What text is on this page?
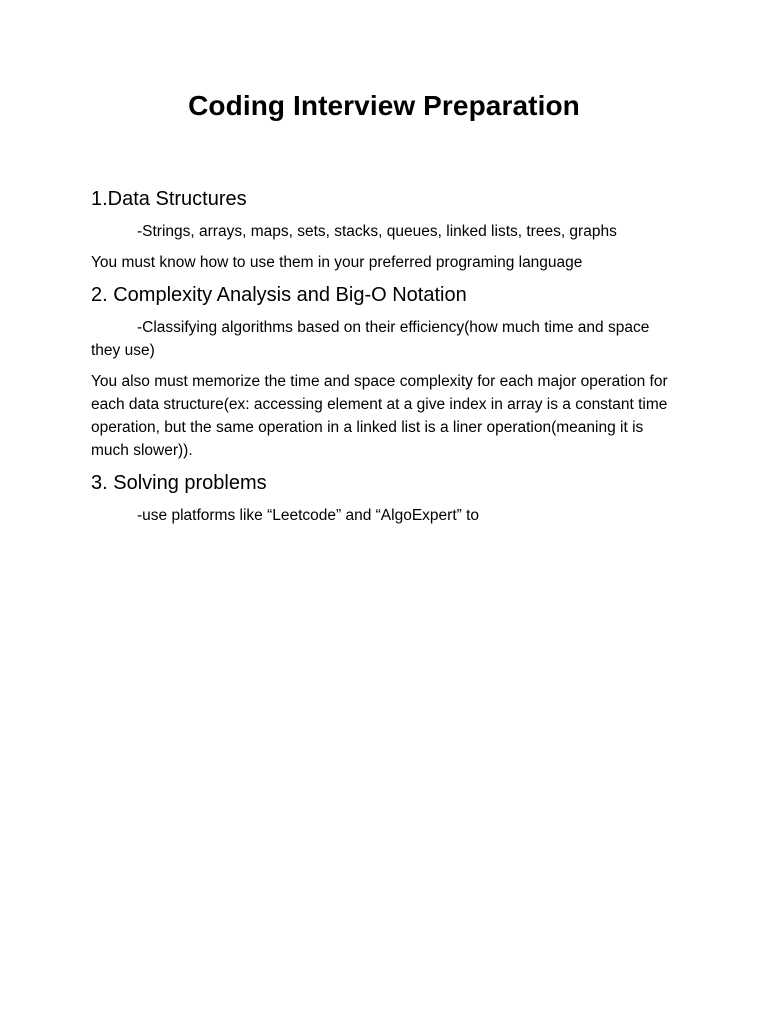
Coding Interview Preparation
1.Data Structures
-Strings, arrays, maps, sets, stacks, queues, linked lists, trees, graphs
You must know how to use them in your preferred programing language
2. Complexity Analysis and Big-O Notation
-Classifying algorithms based on their efficiency(how much time and space they use)
You also must memorize the time and space complexity for each major operation for each data structure(ex: accessing element at a give index in array is a constant time operation, but the same operation in a linked list is a liner operation(meaning it is much slower)).
3. Solving problems
-use platforms like “Leetcode” and “AlgoExpert” to
